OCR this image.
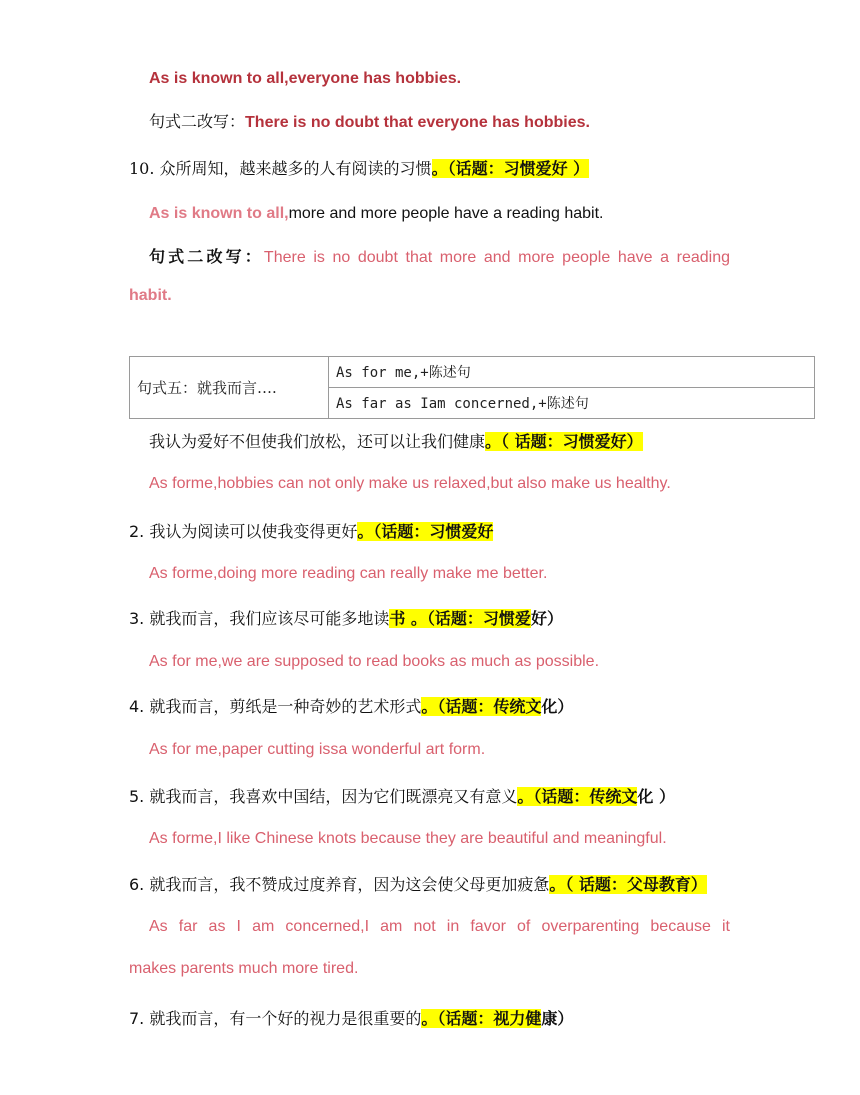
As is known to all,everyone has hobbies.
句式二改写：There is no doubt that everyone has hobbies.
10. 众所周知，越来越多的人有阅读的习惯。（话题：习惯爱好 ）
As is known to all,more and more people have a reading habit.
句式二改写：There is no doubt that more and more people have a reading
habit.
句式五：就我而言….	As for me,+陈述句
As far as Iam concerned,+陈述句
我认为爱好不但使我们放松，还可以让我们健康。（ 话题：习惯爱好）
As forme,hobbies can not only make us relaxed,but also make us healthy.
2. 我认为阅读可以使我变得更好。（话题：习惯爱好
As forme,doing more reading can really make me better.
3. 就我而言，我们应该尽可能多地读书 。（话题：习惯爱好）
As for me,we are supposed to read books as much as possible.
4. 就我而言，剪纸是一种奇妙的艺术形式。（话题：传统文化）
As for me,paper cutting issa wonderful art form.
5. 就我而言，我喜欢中国结，因为它们既漂亮又有意义。（话题：传统文化 ）
As forme,I like Chinese knots because they are beautiful and meaningful.
6. 就我而言，我不赞成过度养育，因为这会使父母更加疲惫。（ 话题：父母教育）
As far as I am concerned,I am not in favor of overparenting because it
makes parents much more tired.
7. 就我而言，有一个好的视力是很重要的。（话题：视力健康）
